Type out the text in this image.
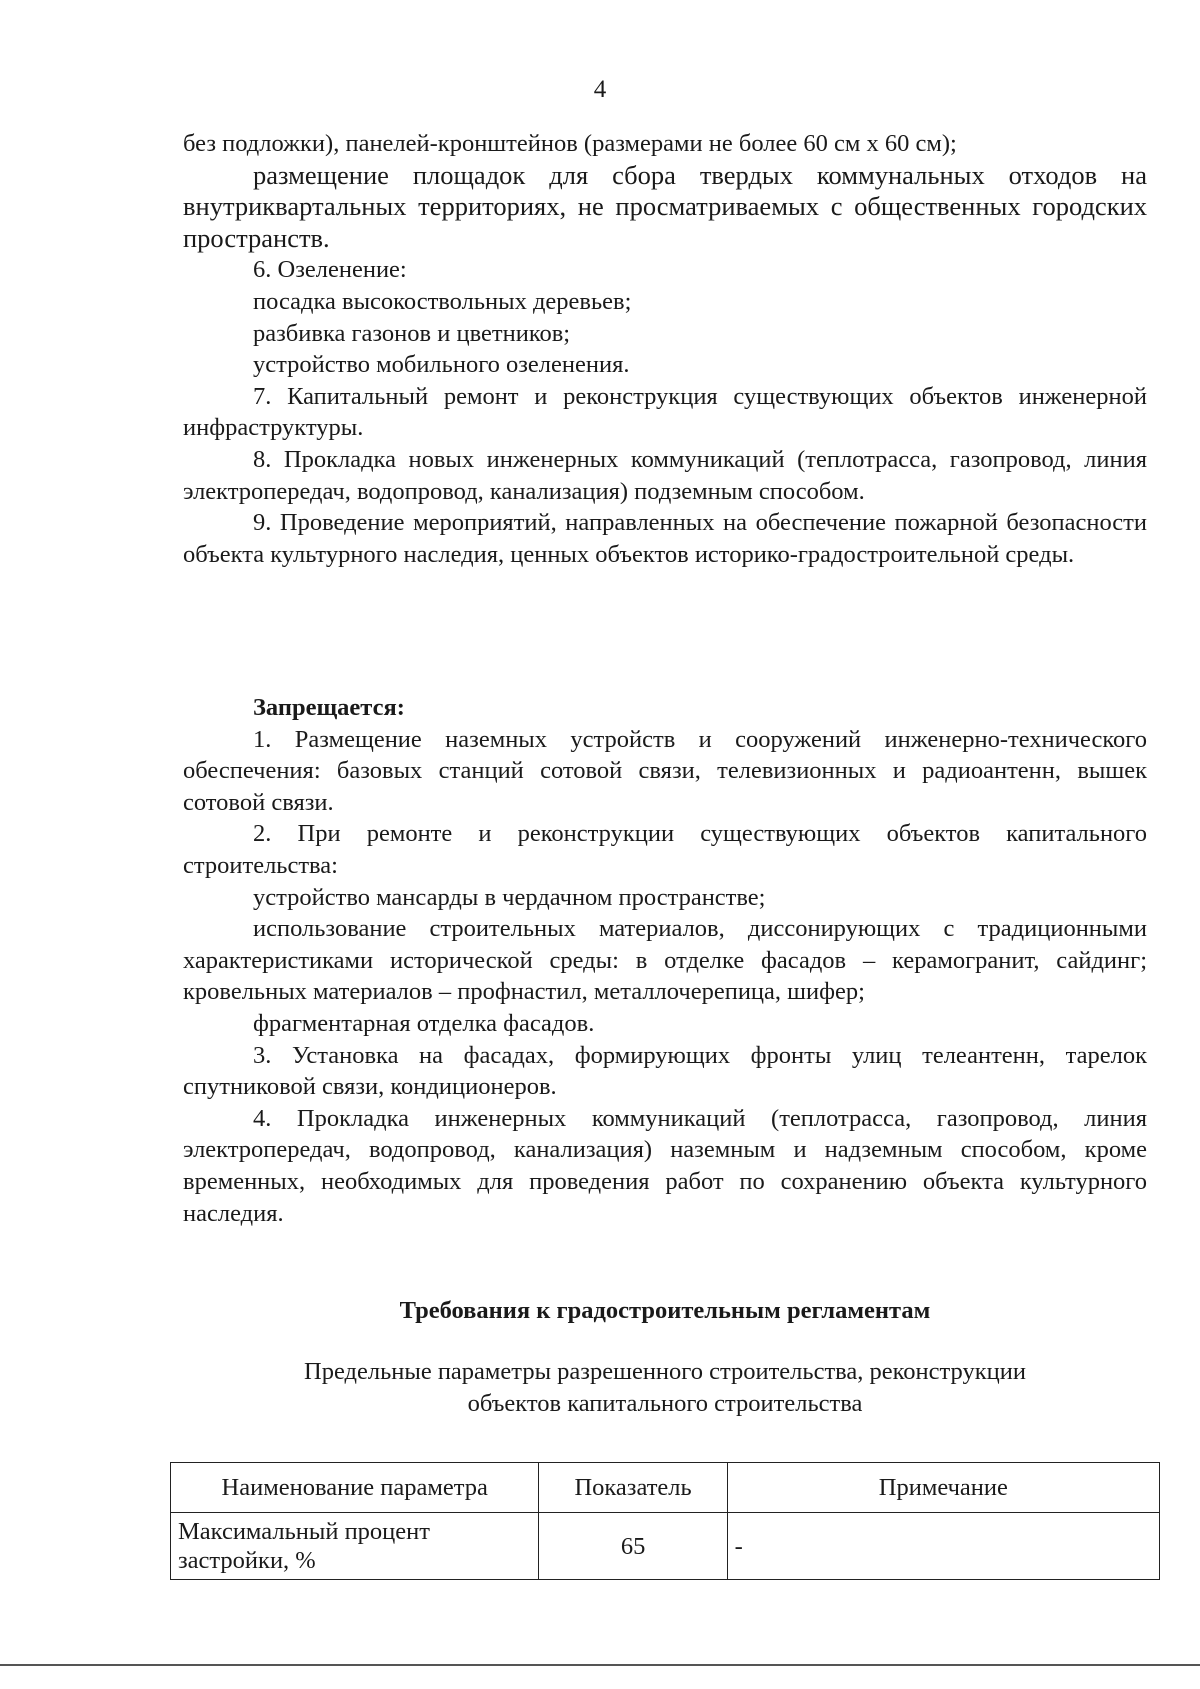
4

без подложки), панелей-кронштейнов (размерами не более 60 см х 60 см);

размещение площадок для сбора твердых коммунальных отходов на внутриквартальных территориях, не просматриваемых с общественных городских пространств.

6. Озеленение:

посадка высокоствольных деревьев;

разбивка газонов и цветников;

устройство мобильного озеленения.

7. Капитальный ремонт и реконструкция существующих объектов инженерной инфраструктуры.

8. Прокладка новых инженерных коммуникаций (теплотрасса, газопровод, линия электропередач, водопровод, канализация) подземным способом.

9. Проведение мероприятий, направленных на обеспечение пожарной безопасности объекта культурного наследия, ценных объектов историко-градостроительной среды.

Запрещается:

1. Размещение наземных устройств и сооружений инженерно-технического обеспечения: базовых станций сотовой связи, телевизионных и радиоантенн, вышек сотовой связи.

2. При ремонте и реконструкции существующих объектов капитального строительства:

устройство мансарды в чердачном пространстве;

использование строительных материалов, диссонирующих с традиционными характеристиками исторической среды: в отделке фасадов – керамогранит, сайдинг; кровельных материалов – профнастил, металлочерепица, шифер;

фрагментарная отделка фасадов.

3. Установка на фасадах, формирующих фронты улиц телеантенн, тарелок спутниковой связи, кондиционеров.

4. Прокладка инженерных коммуникаций (теплотрасса, газопровод, линия электропередач, водопровод, канализация) наземным и надземным способом, кроме временных, необходимых для проведения работ по сохранению объекта культурного наследия.

Требования к градостроительным регламентам
Предельные параметры разрешенного строительства, реконструкции
объектов капитального строительства
Наименование параметра	Показатель	Примечание
Максимальный процент застройки, %	65	-
